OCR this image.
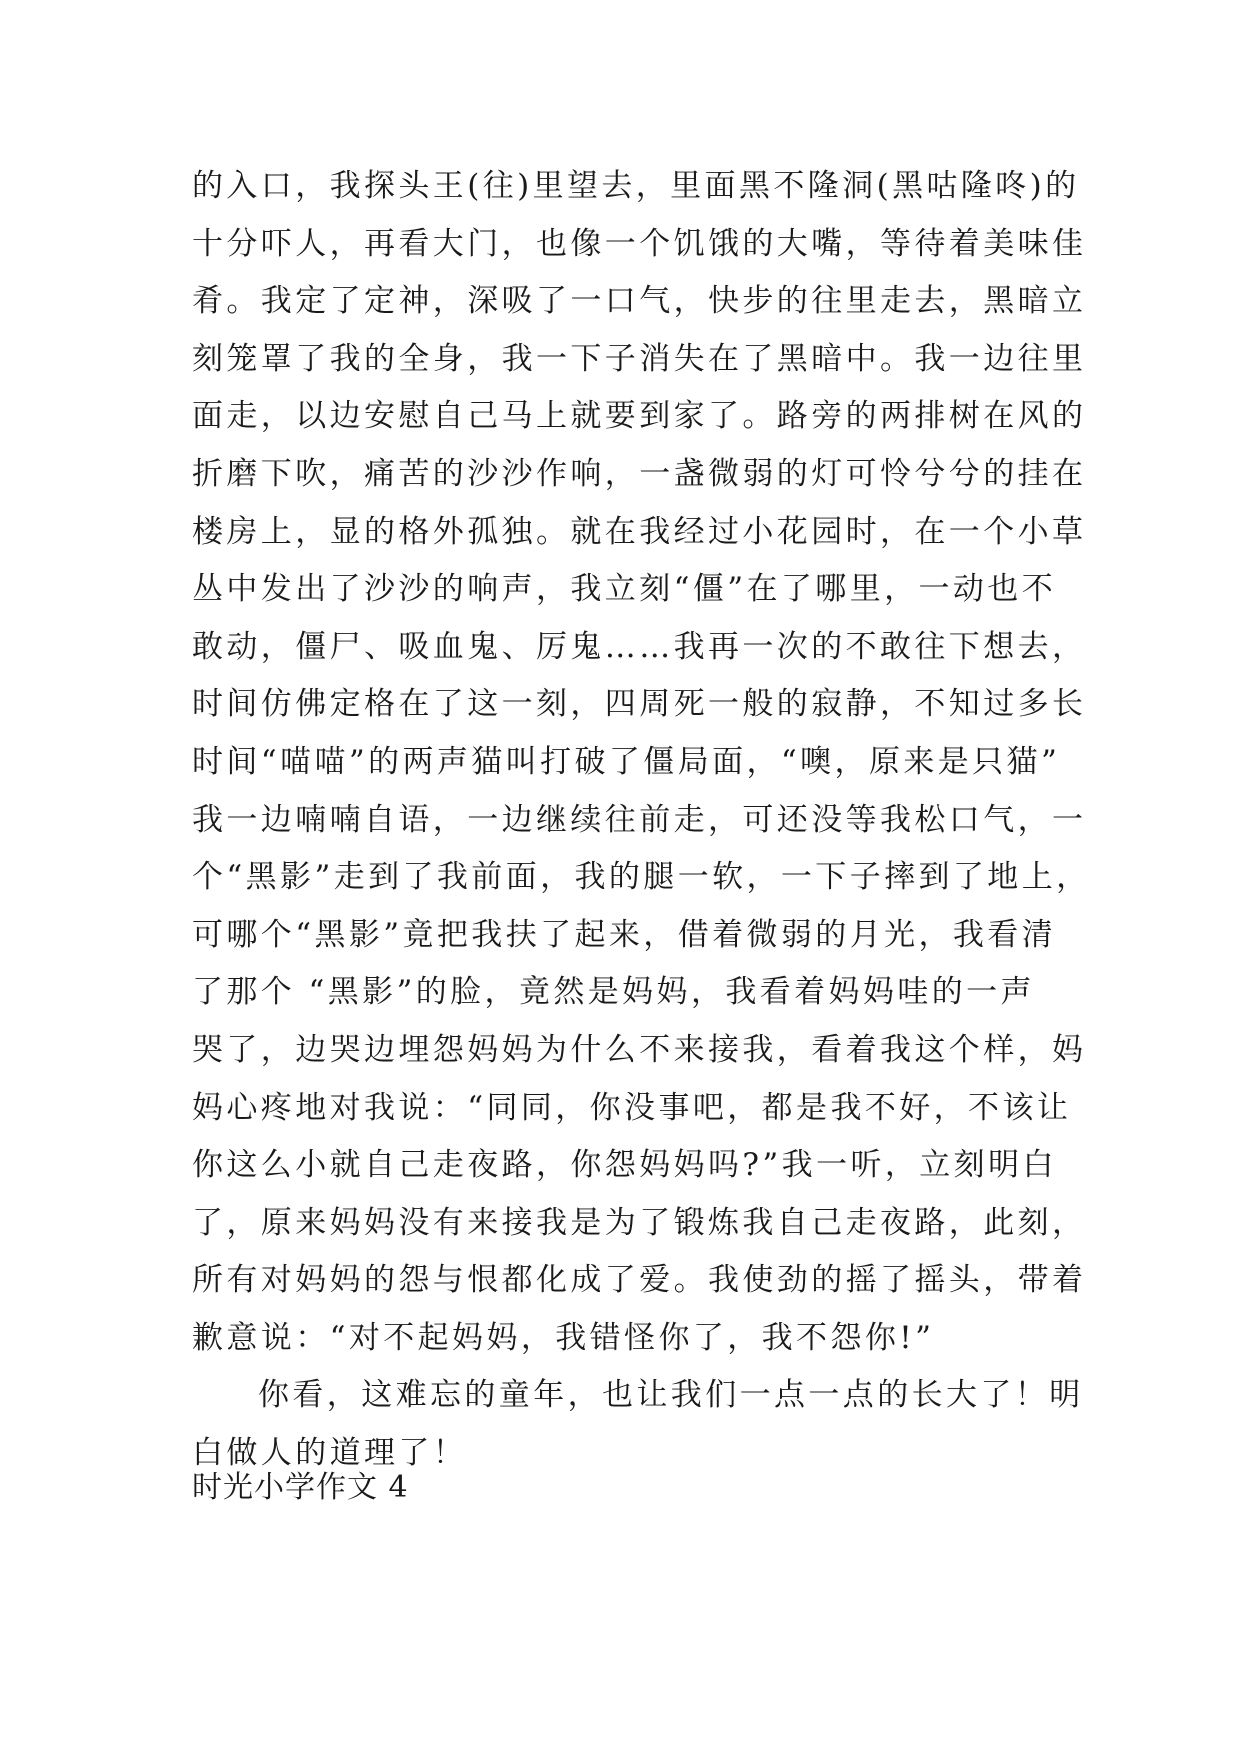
的入口，我探头王(往)里望去，里面黑不隆洞(黑咕隆咚)的
十分吓人，再看大门，也像一个饥饿的大嘴，等待着美味佳
肴。我定了定神，深吸了一口气，快步的往里走去，黑暗立
刻笼罩了我的全身，我一下子消失在了黑暗中。我一边往里
面走，以边安慰自己马上就要到家了。路旁的两排树在风的
折磨下吹，痛苦的沙沙作响，一盏微弱的灯可怜兮兮的挂在
楼房上，显的格外孤独。就在我经过小花园时，在一个小草
丛中发出了沙沙的响声，我立刻“僵”在了哪里，一动也不
敢动，僵尸、吸血鬼、厉鬼……我再一次的不敢往下想去，
时间仿佛定格在了这一刻，四周死一般的寂静，不知过多长
时间“喵喵”的两声猫叫打破了僵局面，“噢，原来是只猫”
我一边喃喃自语，一边继续往前走，可还没等我松口气，一
个“黑影”走到了我前面，我的腿一软，一下子摔到了地上，
可哪个“黑影”竟把我扶了起来，借着微弱的月光，我看清
了那个 “黑影”的脸，竟然是妈妈，我看着妈妈哇的一声
哭了，边哭边埋怨妈妈为什么不来接我，看着我这个样，妈
妈心疼地对我说：“同同，你没事吧，都是我不好，不该让
你这么小就自己走夜路，你怨妈妈吗?”我一听，立刻明白
了，原来妈妈没有来接我是为了锻炼我自己走夜路，此刻，
所有对妈妈的怨与恨都化成了爱。我使劲的摇了摇头，带着
歉意说：“对不起妈妈，我错怪你了，我不怨你!”
你看，这难忘的童年，也让我们一点一点的长大了！明
白做人的道理了！
时光小学作文 4
